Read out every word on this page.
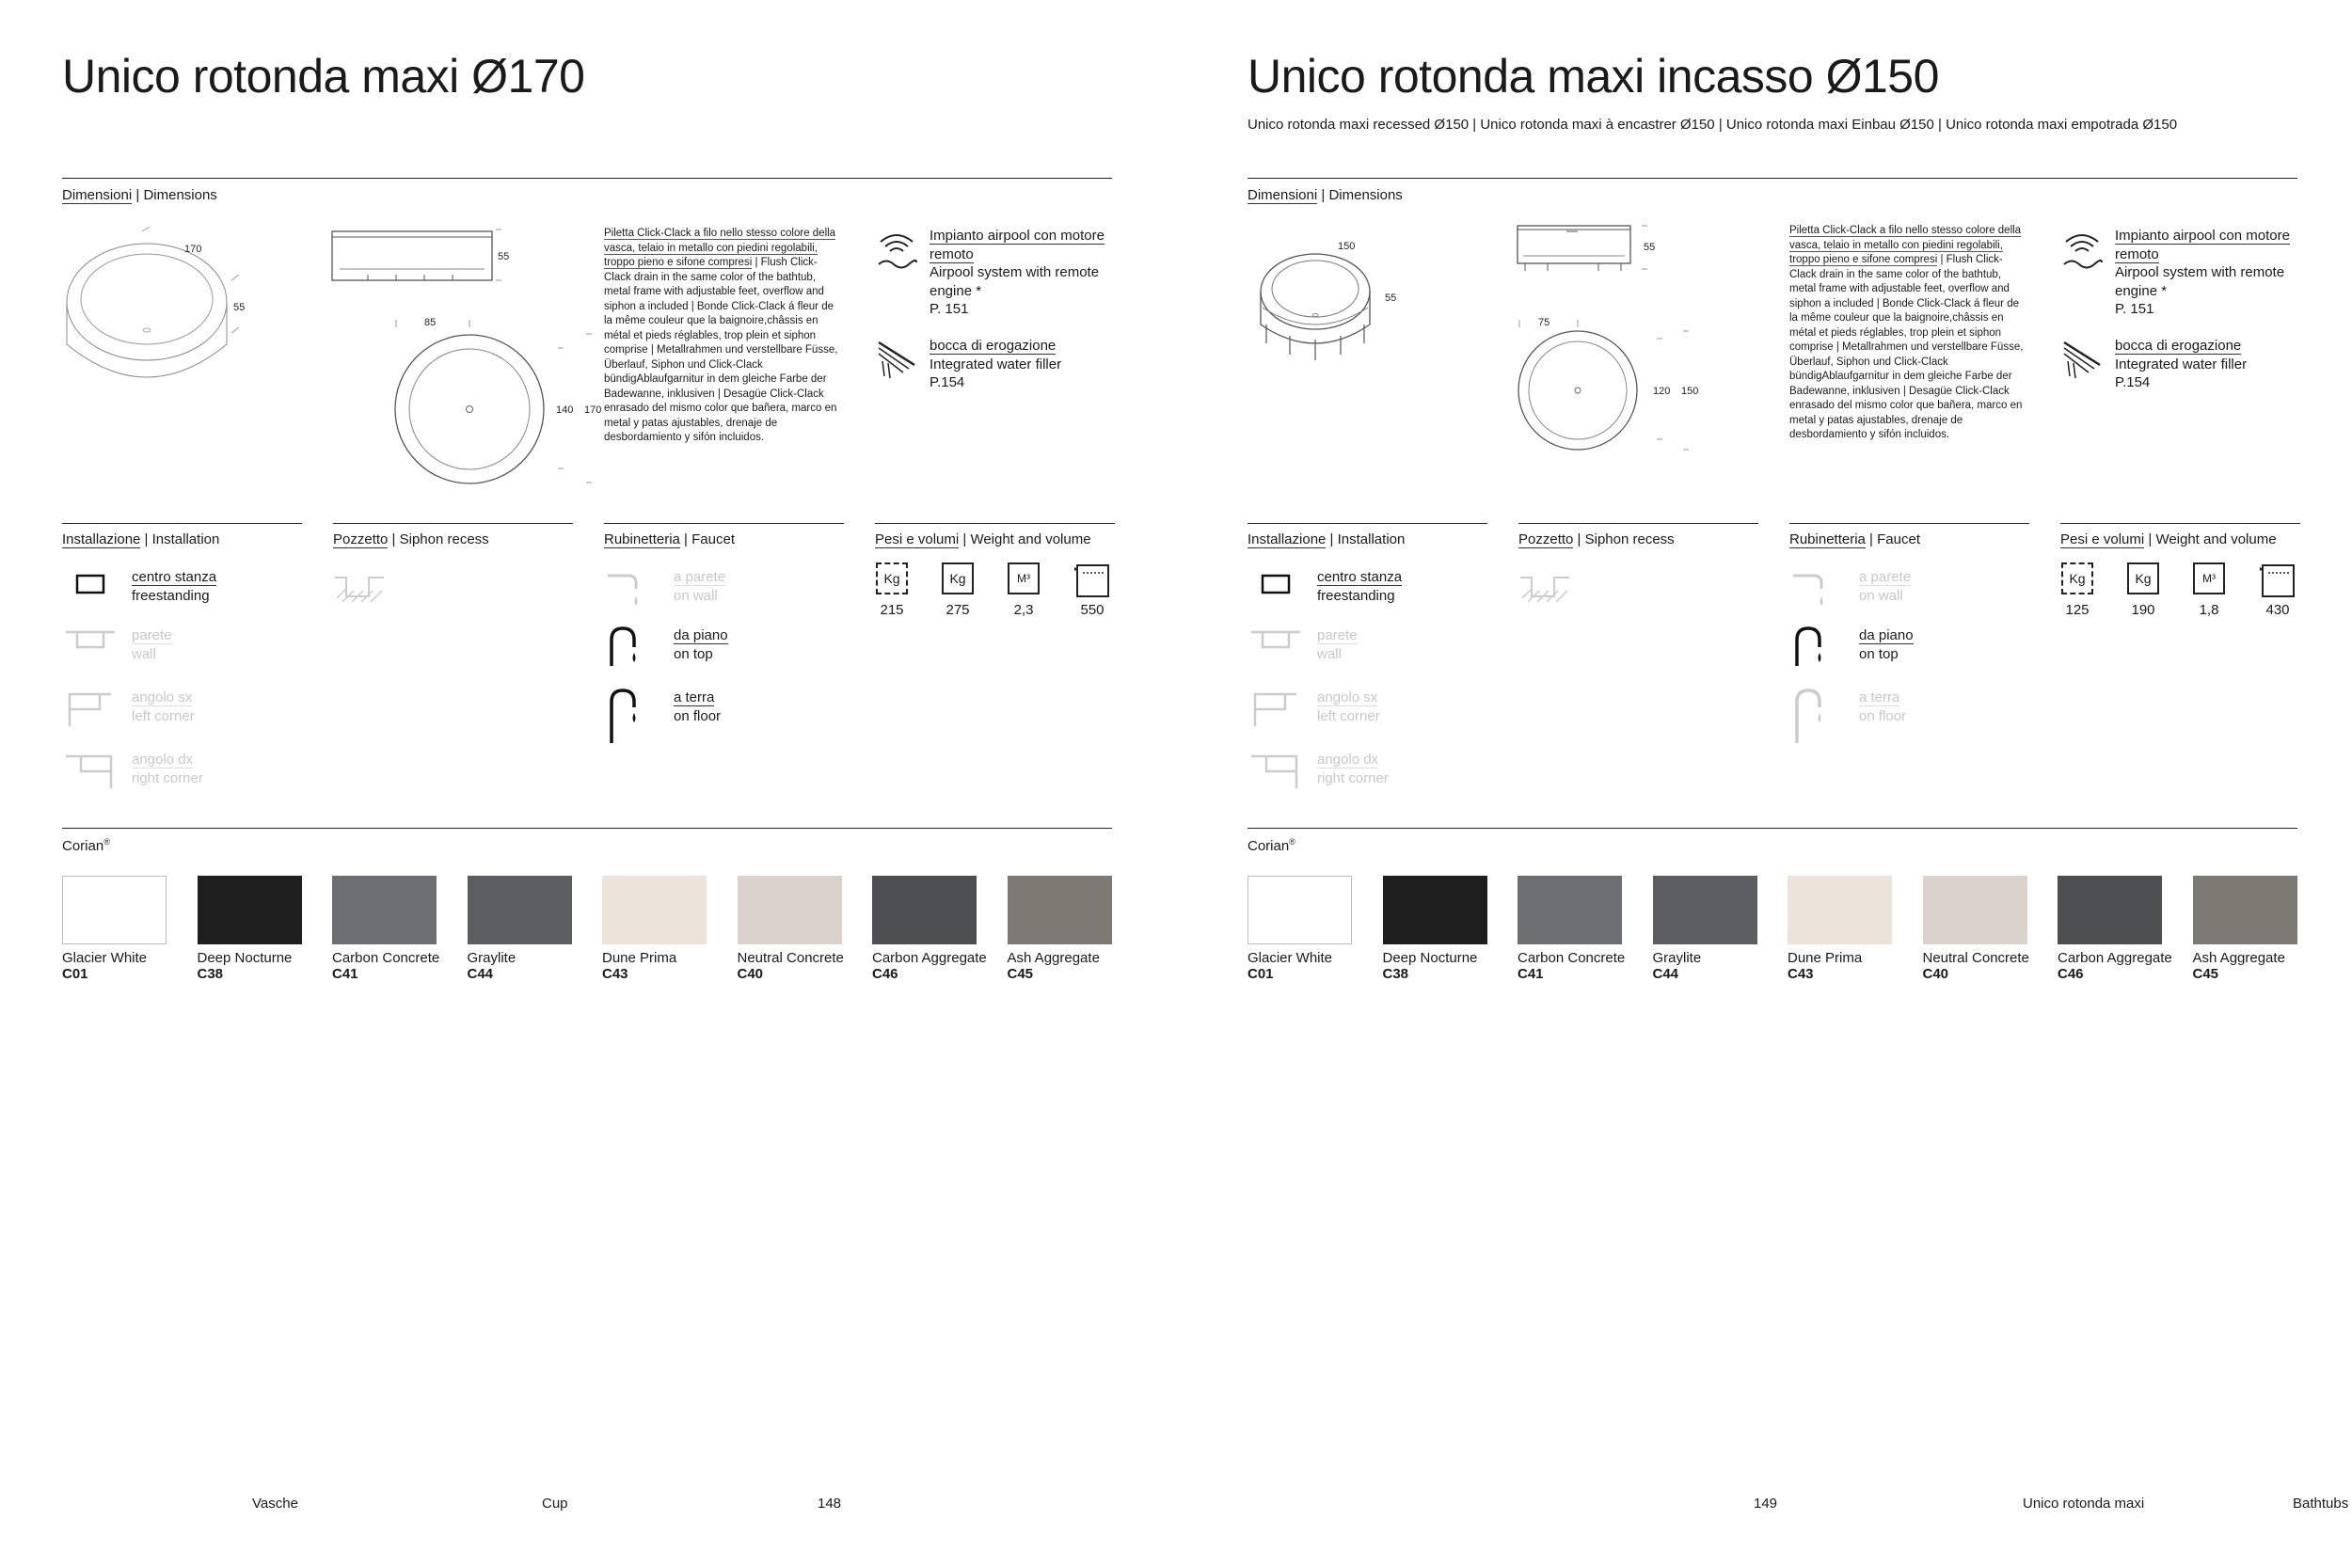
Unico rotonda maxi Ø170
Dimensioni | Dimensions
170
55
55
85
140 170
Piletta Click-Clack a filo nello stesso colore della vasca, telaio in metallo con piedini regolabili, troppo pieno e sifone compresi | Flush Click-Clack drain in the same color of the bathtub, metal frame with adjustable feet, overflow and siphon a included | Bonde Click-Clack á fleur de la même couleur que la baignoire,châssis en métal et pieds réglables, trop plein et siphon comprise | Metallrahmen und verstellbare Füsse, Überlauf, Siphon und Click-Clack bündigAblaufgarnitur in dem gleiche Farbe der Badewanne, inklusiven | Desagüe Click-Clack enrasado del mismo color que bañera, marco en metal y patas ajustables, drenaje de desbordamiento y sifón incluidos.
Impianto airpool con motore remoto
Airpool system with remote engine *
P. 151
bocca di erogazione
Integrated water filler
P.154
Installazione | Installation
centro stanza
freestanding
parete
wall
angolo sx
left corner
angolo dx
right corner
Pozzetto | Siphon recess	Rubinetteria | Faucet
a parete
on wall
da piano
on top
a terra
on floor
Pesi e volumi | Weight and volume
Kg
215
Kg
275
M³
2,3	550
Corian®
Glacier White
C01
Deep Nocturne
C38
Carbon Concrete
C41
Graylite
C44
Dune Prima
C43
Neutral Concrete
C40
Carbon Aggregate
C46
Ash Aggregate
C45
Vasche	Cup	148
Unico rotonda maxi incasso Ø150
Unico rotonda maxi recessed Ø150 | Unico rotonda maxi à encastrer Ø150 | Unico rotonda maxi Einbau Ø150 | Unico rotonda maxi empotrada Ø150
Dimensioni | Dimensions
150
55
55
75
120 150
Piletta Click-Clack a filo nello stesso colore della vasca, telaio in metallo con piedini regolabili, troppo pieno e sifone compresi | Flush Click-Clack drain in the same color of the bathtub, metal frame with adjustable feet, overflow and siphon a included | Bonde Click-Clack á fleur de la même couleur que la baignoire,châssis en métal et pieds réglables, trop plein et siphon comprise | Metallrahmen und verstellbare Füsse, Überlauf, Siphon und Click-Clack bündigAblaufgarnitur in dem gleiche Farbe der Badewanne, inklusiven | Desagüe Click-Clack enrasado del mismo color que bañera, marco en metal y patas ajustables, drenaje de desbordamiento y sifón incluidos.
Impianto airpool con motore remoto
Airpool system with remote engine *
P. 151
bocca di erogazione
Integrated water filler
P.154
Installazione | Installation
centro stanza
freestanding
parete
wall
angolo sx
left corner
angolo dx
right corner
Pozzetto | Siphon recess	Rubinetteria | Faucet
a parete
on wall
da piano
on top
a terra
on floor
Pesi e volumi | Weight and volume
Kg
125
Kg
190
M³
1,8	430
Corian®
Glacier White
C01
Deep Nocturne
C38
Carbon Concrete
C41
Graylite
C44
Dune Prima
C43
Neutral Concrete
C40
Carbon Aggregate
C46
Ash Aggregate
C45
149	Unico rotonda maxi	Bathtubs
